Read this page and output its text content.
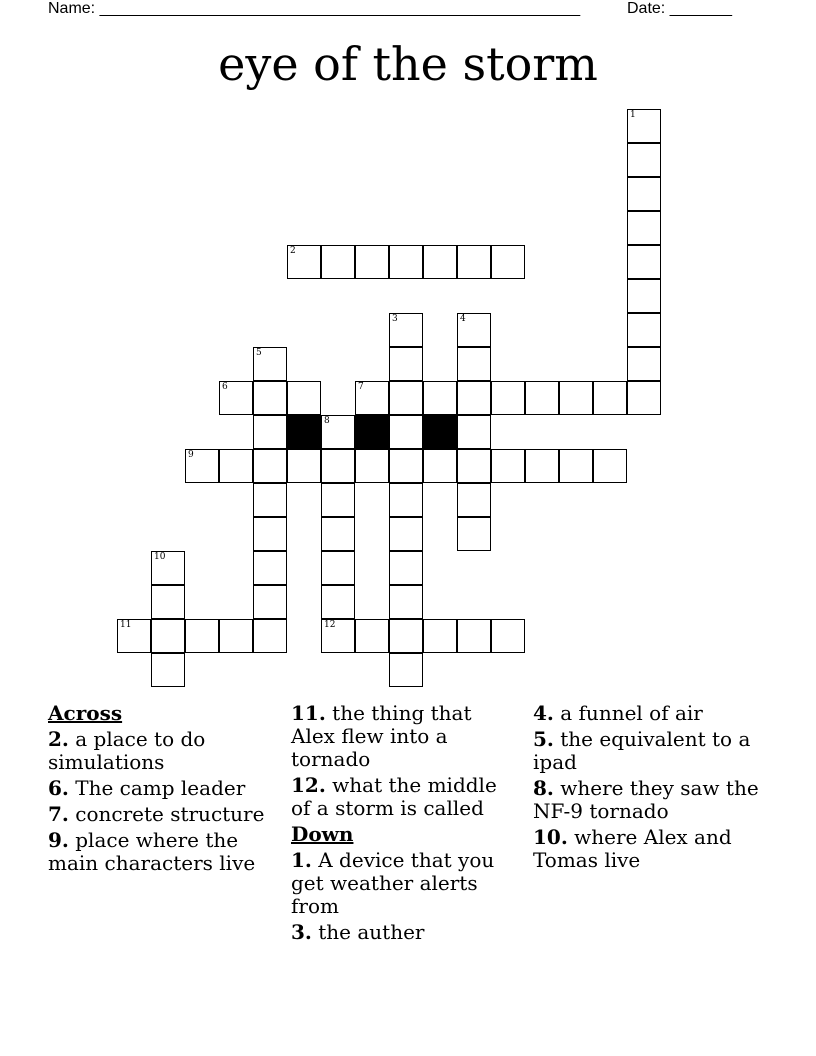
Name: ______________________________________________________	Date: _______
eye of the storm
1
2
3	4
5
6	7
8
9
10
11	12
Across
2. a place to do simulations
6. The camp leader
7. concrete structure
9. place where the main characters live
11. the thing that Alex flew into a tornado
12. what the middle of a storm is called
Down
1. A device that you get weather alerts from
3. the auther
4. a funnel of air
5. the equivalent to a ipad
8. where they saw the NF-9 tornado
10. where Alex and Tomas live
